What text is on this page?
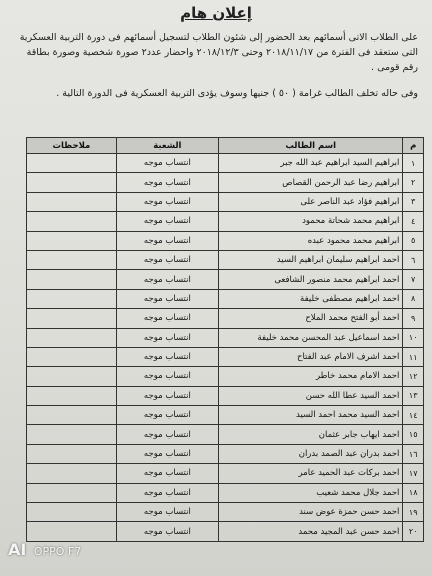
إعلان هام
على الطلاب الاتى أسمائهم بعد الحضور إلى شئون الطلاب لتسجيل أسمائهم فى دورة التربية العسكرية التى ستعقد فى الفترة من ٢٠١٨/١١/١٧ وحتى ٢٠١٨/١٢/٣ واحضار عدد٢ صورة شخصية وصورة بطاقة رقم قومى .
وفى حاله تخلف الطالب غرامة ( ٥٠ ) جنيها وسوف يؤدى التربية العسكرية فى الدورة التالية .
م	اسم الطالب	الشعبة	ملاحظات
١	ابراهيم السيد ابراهيم عبد الله جبر	انتساب موجه	
٢	ابراهيم رضا عبد الرحمن القصاص	انتساب موجه	
٣	ابراهيم فؤاد عبد الناصر على	انتساب موجه	
٤	ابراهيم محمد شحاتة محمود	انتساب موجه	
٥	ابراهيم محمد محمود عبده	انتساب موجه	
٦	احمد ابراهيم سليمان ابراهيم السيد	انتساب موجه	
٧	احمد ابراهيم محمد منصور الشافعى	انتساب موجه	
٨	احمد ابراهيم مصطفى خليفة	انتساب موجه	
٩	احمد أبو الفتح محمد الملاح	انتساب موجه	
١٠	احمد اسماعيل عبد المحسن محمد خليفة	انتساب موجه	
١١	احمد اشرف الامام عبد الفتاح	انتساب موجه	
١٢	احمد الامام محمد خاطر	انتساب موجه	
١٣	احمد السيد عطا الله حسن	انتساب موجه	
١٤	احمد السيد محمد احمد السيد	انتساب موجه	
١٥	احمد ايهاب جابر عثمان	انتساب موجه	
١٦	احمد بدران عبد الصمد بدران	انتساب موجه	
١٧	احمد بركات عبد الحميد عامر	انتساب موجه	
١٨	احمد جلال محمد شعيب	انتساب موجه	
١٩	احمد حسن حمزة عوض سند	انتساب موجه	
٢٠	احمد حسن عبد المجيد محمد	انتساب موجه	
AI OPPO F7
